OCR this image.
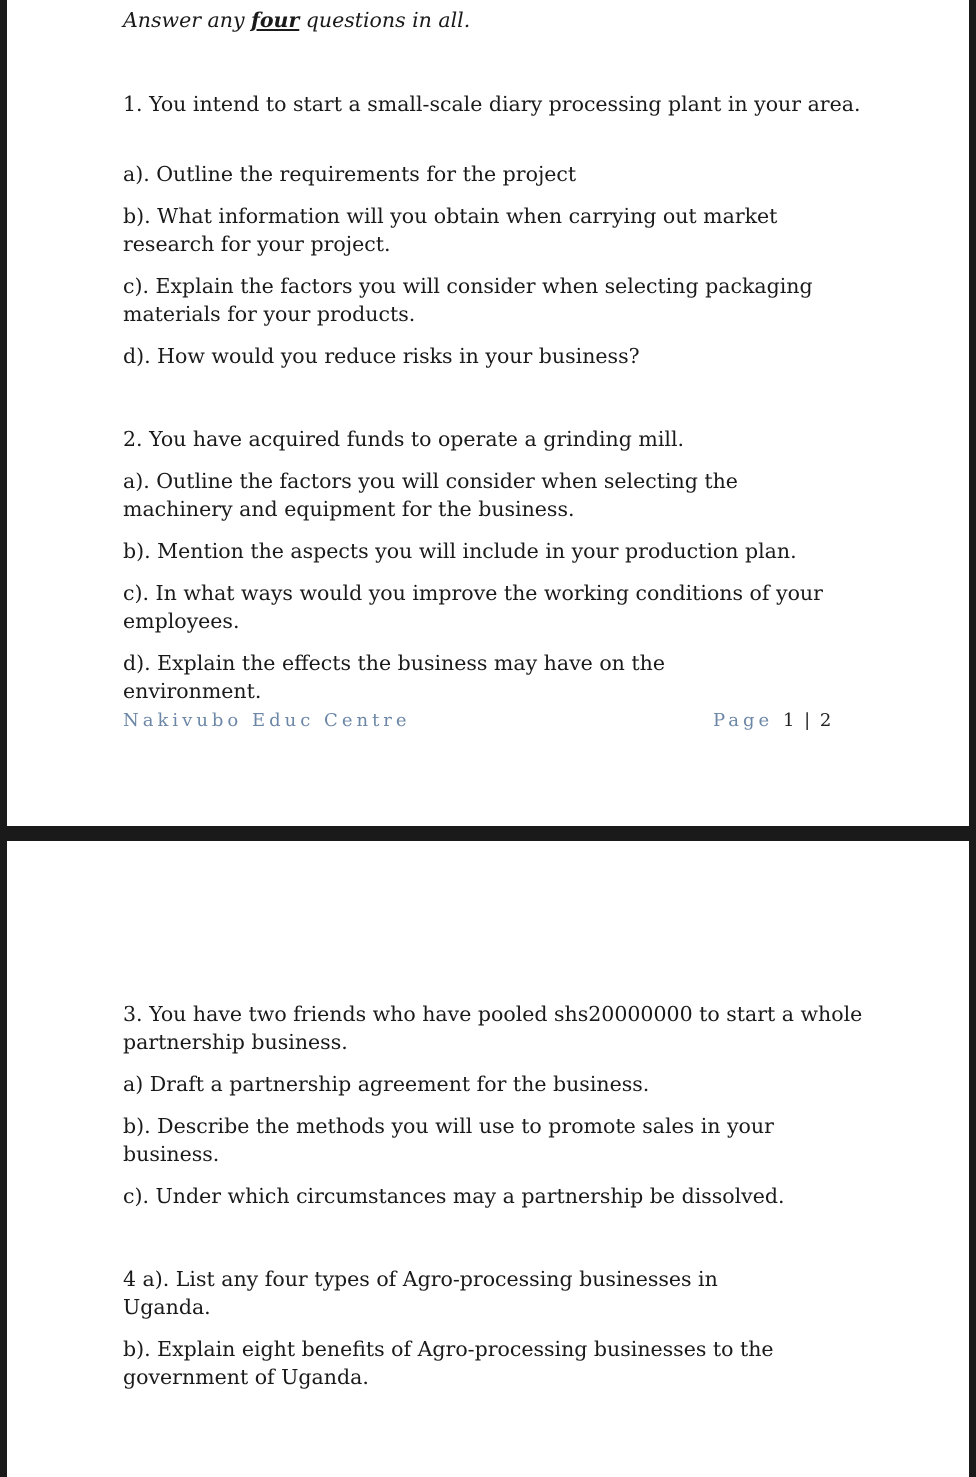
Answer any four questions in all.

1. You intend to start a small-scale diary processing plant in your area.

a). Outline the requirements for the project

b). What information will you obtain when carrying out market research for your project.

c). Explain the factors you will consider when selecting packaging materials for your products.

d). How would you reduce risks in your business?

2. You have acquired funds to operate a grinding mill.

a). Outline the factors you will consider when selecting the machinery and equipment for the business.

b). Mention the aspects you will include in your production plan.

c). In what ways would you improve the working conditions of your employees.

d). Explain the effects the business may have on the environment.

Nakivubo Educ Centre	Page 1 | 2

3. You have two friends who have pooled shs20000000 to start a whole partnership business.

a) Draft a partnership agreement for the business.

b). Describe the methods you will use to promote sales in your business.

c). Under which circumstances may a partnership be dissolved.

4 a). List any four types of Agro-processing businesses in Uganda.

b). Explain eight benefits of Agro-processing businesses to the government of Uganda.
